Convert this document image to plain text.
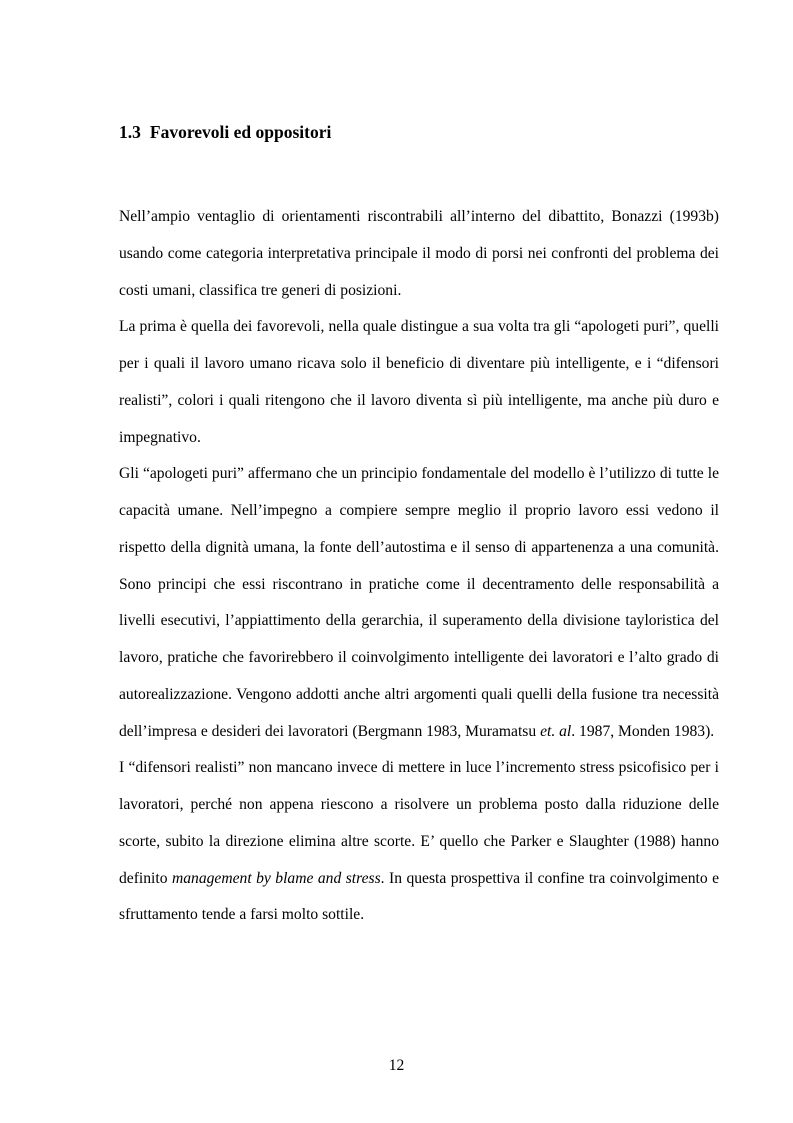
1.3 Favorevoli ed oppositori

Nell’ampio ventaglio di orientamenti riscontrabili all’interno del dibattito, Bonazzi (1993b) usando come categoria interpretativa principale il modo di porsi nei confronti del problema dei costi umani, classifica tre generi di posizioni.

La prima è quella dei favorevoli, nella quale distingue a sua volta tra gli “apologeti puri”, quelli per i quali il lavoro umano ricava solo il beneficio di diventare più intelligente, e i “difensori realisti”, colori i quali ritengono che il lavoro diventa sì più intelligente, ma anche più duro e impegnativo.

Gli “apologeti puri” affermano che un principio fondamentale del modello è l’utilizzo di tutte le capacità umane. Nell’impegno a compiere sempre meglio il proprio lavoro essi vedono il rispetto della dignità umana, la fonte dell’autostima e il senso di appartenenza a una comunità. Sono principi che essi riscontrano in pratiche come il decentramento delle responsabilità a livelli esecutivi, l’appiattimento della gerarchia, il superamento della divisione tayloristica del lavoro, pratiche che favorirebbero il coinvolgimento intelligente dei lavoratori e l’alto grado di autorealizzazione. Vengono addotti anche altri argomenti quali quelli della fusione tra necessità dell’impresa e desideri dei lavoratori (Bergmann 1983, Muramatsu et. al. 1987, Monden 1983).

I “difensori realisti” non mancano invece di mettere in luce l’incremento stress psicofisico per i lavoratori, perché non appena riescono a risolvere un problema posto dalla riduzione delle scorte, subito la direzione elimina altre scorte. E’ quello che Parker e Slaughter (1988) hanno definito management by blame and stress. In questa prospettiva il confine tra coinvolgimento e sfruttamento tende a farsi molto sottile.

12
